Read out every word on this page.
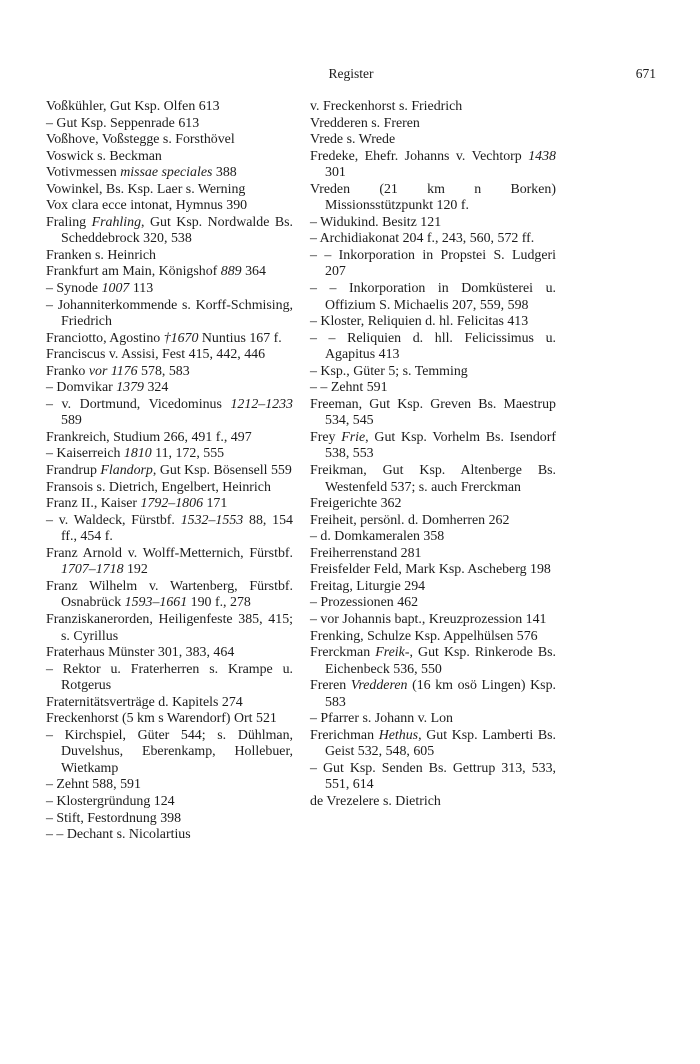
Register	671

Voßkühler, Gut Ksp. Olfen 613

– Gut Ksp. Seppenrade 613

Voßhove, Voßstegge s. Forsthövel

Voswick s. Beckman

Votivmessen missae speciales 388

Vowinkel, Bs. Ksp. Laer s. Werning

Vox clara ecce intonat, Hymnus 390

Fraling Frahling, Gut Ksp. Nordwalde Bs. Scheddebrock 320, 538

Franken s. Heinrich

Frankfurt am Main, Königshof 889 364

– Synode 1007 113

– Johanniterkommende s. Korff-Schmising, Friedrich

Franciotto, Agostino †1670 Nuntius 167 f.

Franciscus v. Assisi, Fest 415, 442, 446

Franko vor 1176 578, 583

– Domvikar 1379 324

– v. Dortmund, Vicedominus 1212–1233 589

Frankreich, Studium 266, 491 f., 497

– Kaiserreich 1810 11, 172, 555

Frandrup Flandorp, Gut Ksp. Bösensell 559

Fransois s. Dietrich, Engelbert, Heinrich

Franz II., Kaiser 1792–1806 171

– v. Waldeck, Fürstbf. 1532–1553 88, 154 ff., 454 f.

Franz Arnold v. Wolff-Metternich, Fürstbf. 1707–1718 192

Franz Wilhelm v. Wartenberg, Fürstbf. Osnabrück 1593–1661 190 f., 278

Franziskanerorden, Heiligenfeste 385, 415; s. Cyrillus

Fraterhaus Münster 301, 383, 464

– Rektor u. Fraterherren s. Krampe u. Rotgerus

Fraternitätsverträge d. Kapitels 274

Freckenhorst (5 km s Warendorf) Ort 521

– Kirchspiel, Güter 544; s. Dühlman, Duvelshus, Eberenkamp, Hollebuer, Wietkamp

– Zehnt 588, 591

– Klostergründung 124

– Stift, Festordnung 398

– – Dechant s. Nicolartius

v. Freckenhorst s. Friedrich

Vredderen s. Freren

Vrede s. Wrede

Fredeke, Ehefr. Johanns v. Vechtorp 1438 301

Vreden (21 km n Borken) Missionsstützpunkt 120 f.

– Widukind. Besitz 121

– Archidiakonat 204 f., 243, 560, 572 ff.

– – Inkorporation in Propstei S. Ludgeri 207

– – Inkorporation in Domküsterei u. Offizium S. Michaelis 207, 559, 598

– Kloster, Reliquien d. hl. Felicitas 413

– – Reliquien d. hll. Felicissimus u. Agapitus 413

– Ksp., Güter 5; s. Temming

– – Zehnt 591

Freeman, Gut Ksp. Greven Bs. Maestrup 534, 545

Frey Frie, Gut Ksp. Vorhelm Bs. Isendorf 538, 553

Freikman, Gut Ksp. Altenberge Bs. Westenfeld 537; s. auch Frerckman

Freigerichte 362

Freiheit, persönl. d. Domherren 262

– d. Domkameralen 358

Freiherrenstand 281

Freisfelder Feld, Mark Ksp. Ascheberg 198

Freitag, Liturgie 294

– Prozessionen 462

– vor Johannis bapt., Kreuzprozession 141

Frenking, Schulze Ksp. Appelhülsen 576

Frerckman Freik-, Gut Ksp. Rinkerode Bs. Eichenbeck 536, 550

Freren Vredderen (16 km osö Lingen) Ksp. 583

– Pfarrer s. Johann v. Lon

Frerichman Hethus, Gut Ksp. Lamberti Bs. Geist 532, 548, 605

– Gut Ksp. Senden Bs. Gettrup 313, 533, 551, 614

de Vrezelere s. Dietrich
